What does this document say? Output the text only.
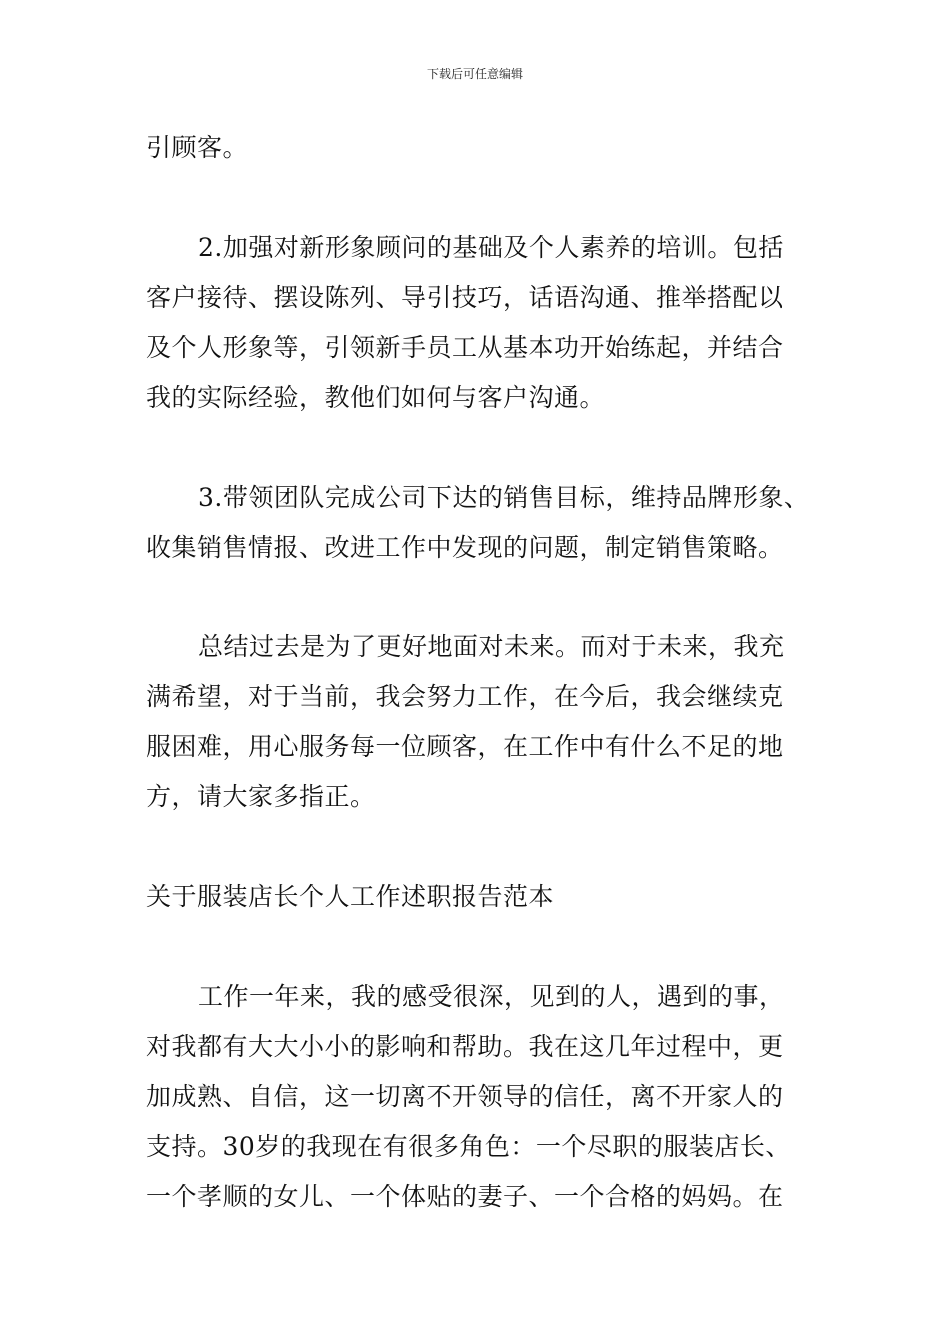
下载后可任意编辑
引顾客。
2.加强对新形象顾问的基础及个人素养的培训。包括
客户接待、摆设陈列、导引技巧，话语沟通、推举搭配以
及个人形象等，引领新手员工从基本功开始练起，并结合
我的实际经验，教他们如何与客户沟通。
3.带领团队完成公司下达的销售目标，维持品牌形象、
收集销售情报、改进工作中发现的问题，制定销售策略。
总结过去是为了更好地面对未来。而对于未来，我充
满希望，对于当前，我会努力工作，在今后，我会继续克
服困难，用心服务每一位顾客，在工作中有什么不足的地
方，请大家多指正。
关于服装店长个人工作述职报告范本
工作一年来，我的感受很深，见到的人，遇到的事，
对我都有大大小小的影响和帮助。我在这几年过程中，更
加成熟、自信，这一切离不开领导的信任，离不开家人的
支持。30岁的我现在有很多角色：一个尽职的服装店长、
一个孝顺的女儿、一个体贴的妻子、一个合格的妈妈。在
